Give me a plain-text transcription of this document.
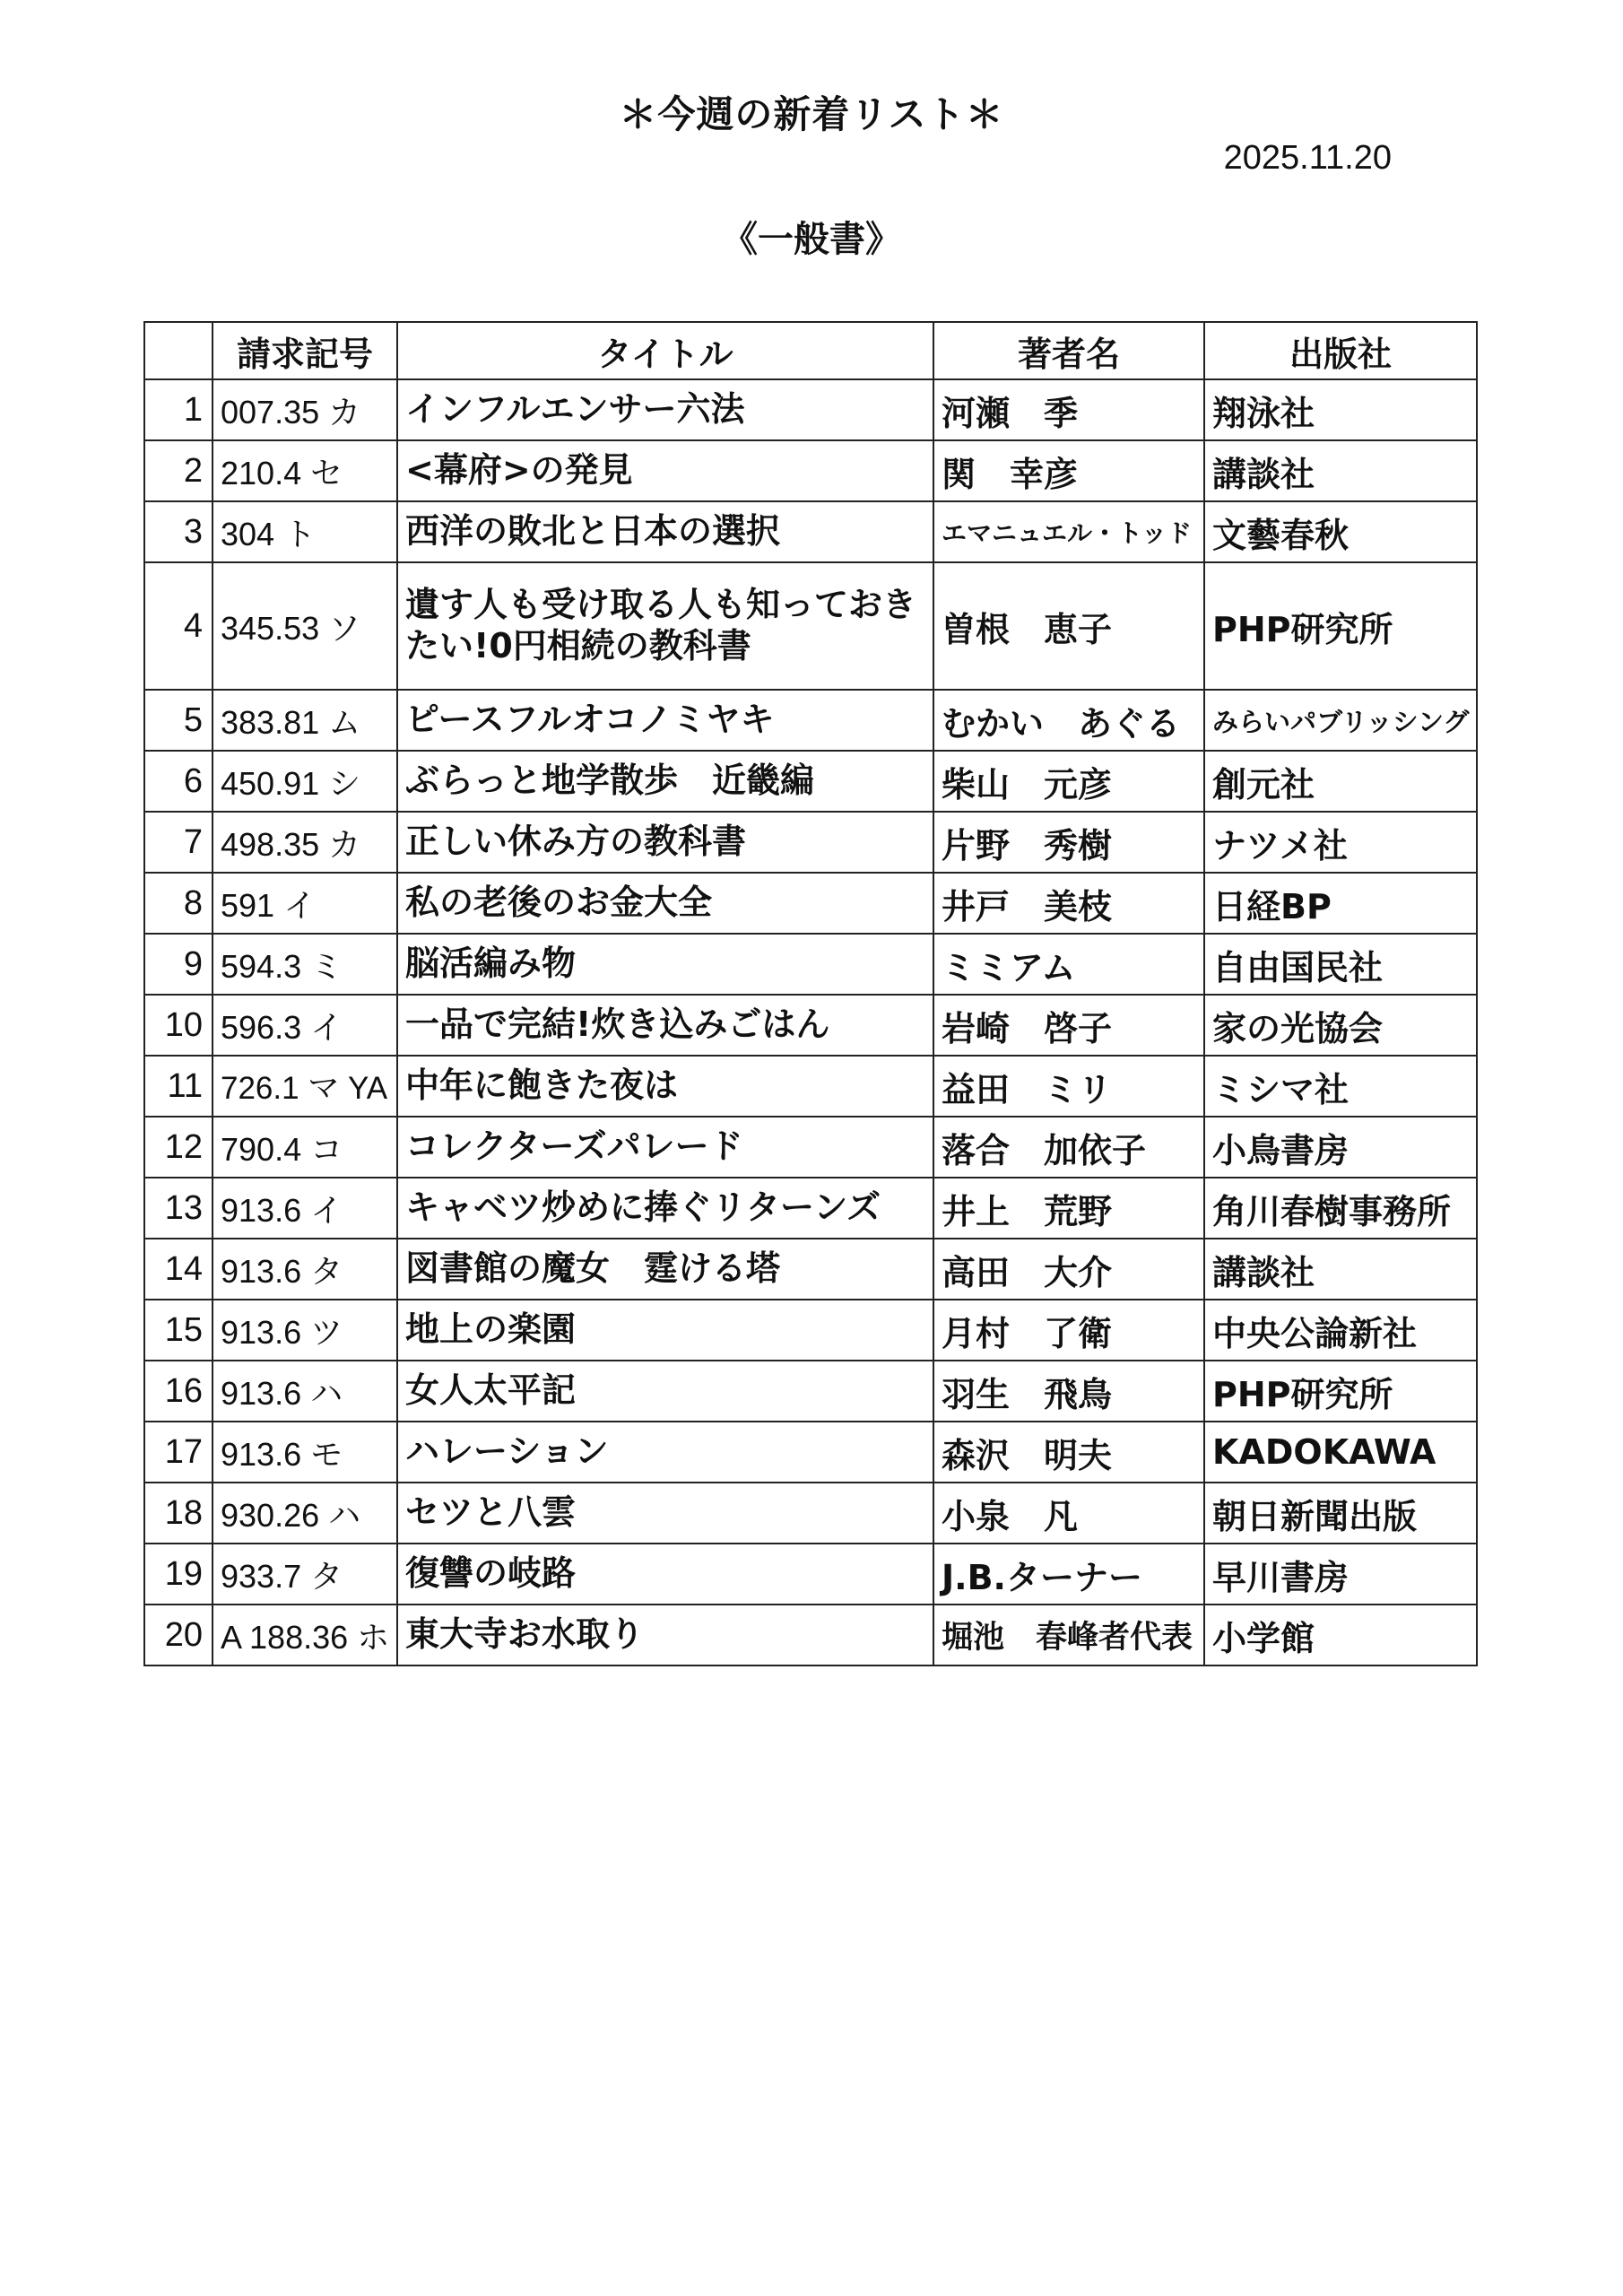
＊今週の新着リスト＊
2025.11.20
《一般書》
	請求記号	タイトル	著者名	出版社
1	007.35 カ	インフルエンサー六法	河瀬　季	翔泳社
2	210.4 セ	<幕府>の発見	関　幸彦	講談社
3	304 ト	西洋の敗北と日本の選択	エマニュエル・トッド	文藝春秋
4	345.53 ソ	遺す人も受け取る人も知っておきたい!0円相続の教科書	曽根　恵子	PHP研究所
5	383.81 ム	ピースフルオコノミヤキ	むかい　あぐる	みらいパブリッシング
6	450.91 シ	ぶらっと地学散歩　近畿編	柴山　元彦	創元社
7	498.35 カ	正しい休み方の教科書	片野　秀樹	ナツメ社
8	591 イ	私の老後のお金大全	井戸　美枝	日経BP
9	594.3 ミ	脳活編み物	ミミアム	自由国民社
10	596.3 イ	一品で完結!炊き込みごはん	岩崎　啓子	家の光協会
11	726.1 マ YA	中年に飽きた夜は	益田　ミリ	ミシマ社
12	790.4 コ	コレクターズパレード	落合　加依子	小鳥書房
13	913.6 イ	キャベツ炒めに捧ぐリターンズ	井上　荒野	角川春樹事務所
14	913.6 タ	図書館の魔女　霆ける塔	高田　大介	講談社
15	913.6 ツ	地上の楽園	月村　了衛	中央公論新社
16	913.6 ハ	女人太平記	羽生　飛鳥	PHP研究所
17	913.6 モ	ハレーション	森沢　明夫	KADOKAWA
18	930.26 ハ	セツと八雲	小泉　凡	朝日新聞出版
19	933.7 タ	復讐の岐路	J.B.ターナー	早川書房
20	A 188.36 ホ	東大寺お水取り	堀池　春峰者代表	小学館
